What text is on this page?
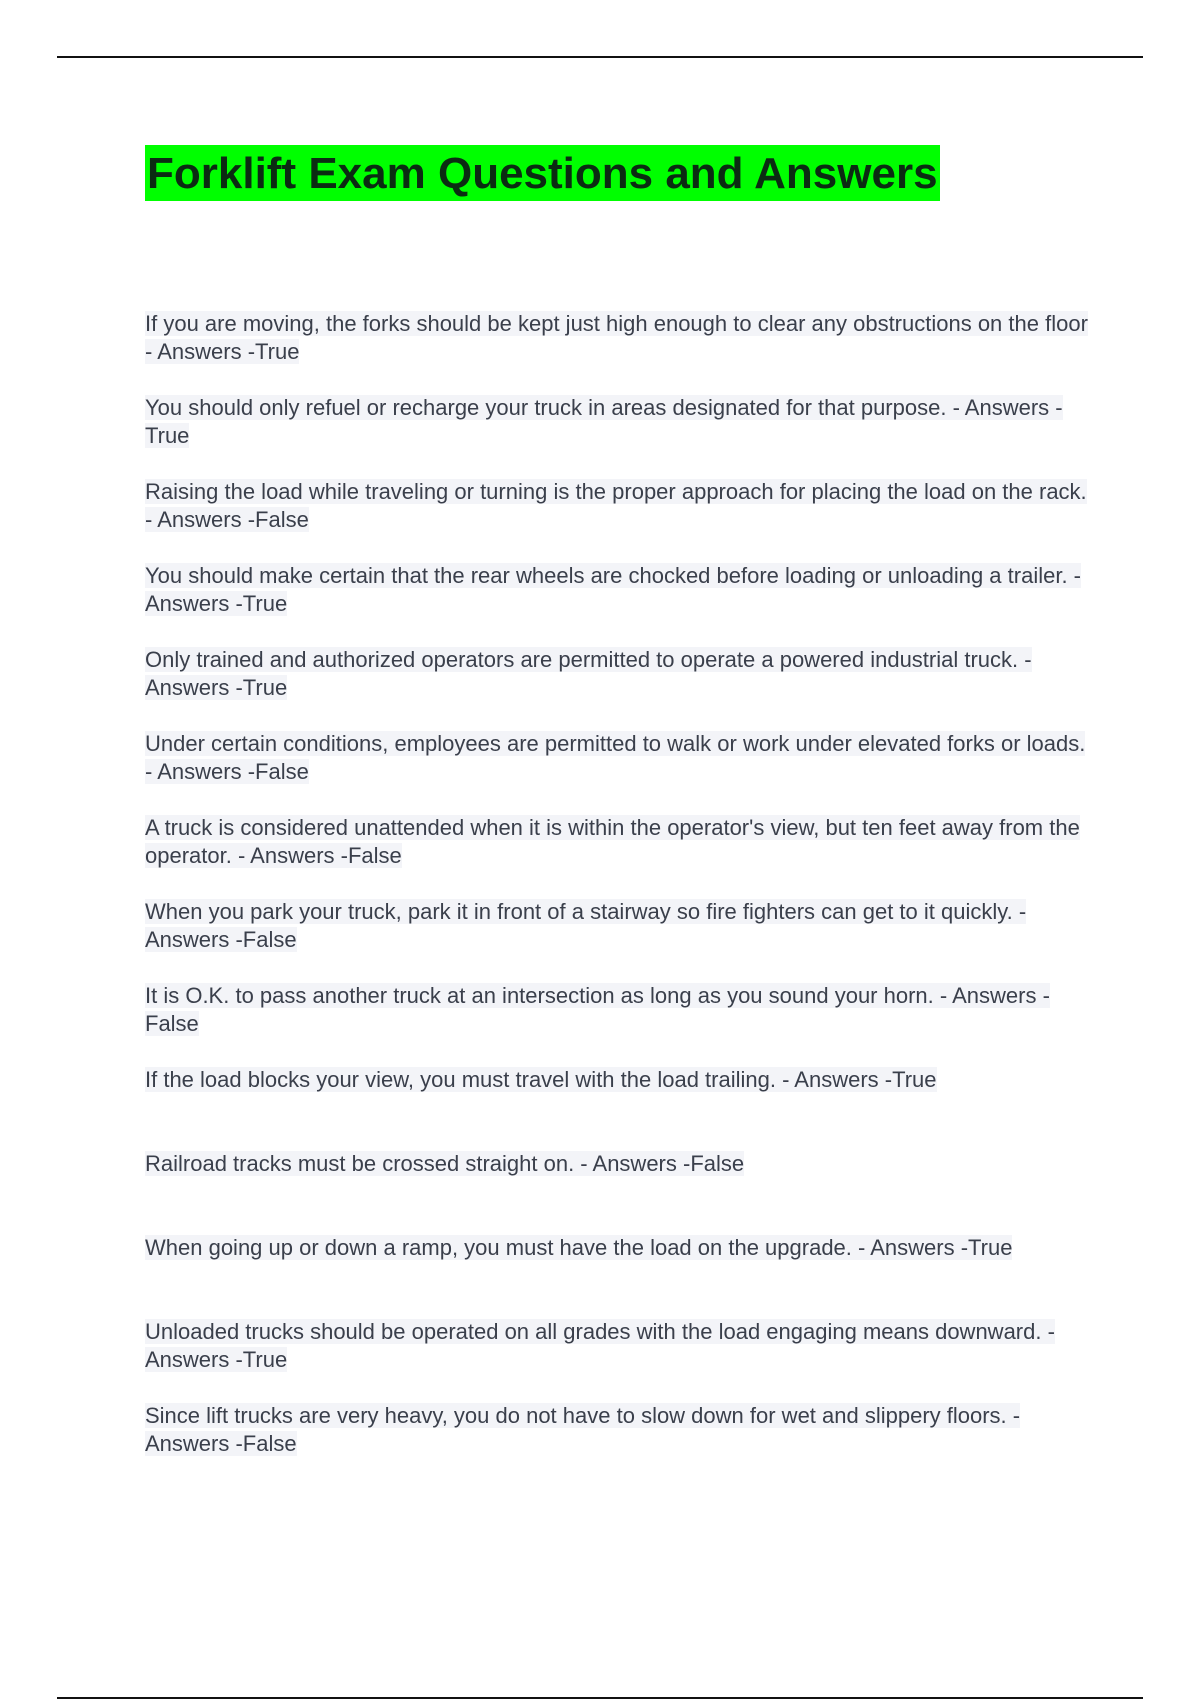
Forklift Exam Questions and Answers
If you are moving, the forks should be kept just high enough to clear any obstructions on the floor - Answers -True
You should only refuel or recharge your truck in areas designated for that purpose. - Answers -True
Raising the load while traveling or turning is the proper approach for placing the load on the rack. - Answers -False
You should make certain that the rear wheels are chocked before loading or unloading a trailer. - Answers -True
Only trained and authorized operators are permitted to operate a powered industrial truck. - Answers -True
Under certain conditions, employees are permitted to walk or work under elevated forks or loads. - Answers -False
A truck is considered unattended when it is within the operator's view, but ten feet away from the operator. - Answers -False
When you park your truck, park it in front of a stairway so fire fighters can get to it quickly. - Answers -False
It is O.K. to pass another truck at an intersection as long as you sound your horn. - Answers -False
If the load blocks your view, you must travel with the load trailing. - Answers -True
Railroad tracks must be crossed straight on. - Answers -False
When going up or down a ramp, you must have the load on the upgrade. - Answers -True
Unloaded trucks should be operated on all grades with the load engaging means downward. - Answers -True
Since lift trucks are very heavy, you do not have to slow down for wet and slippery floors. - Answers -False
